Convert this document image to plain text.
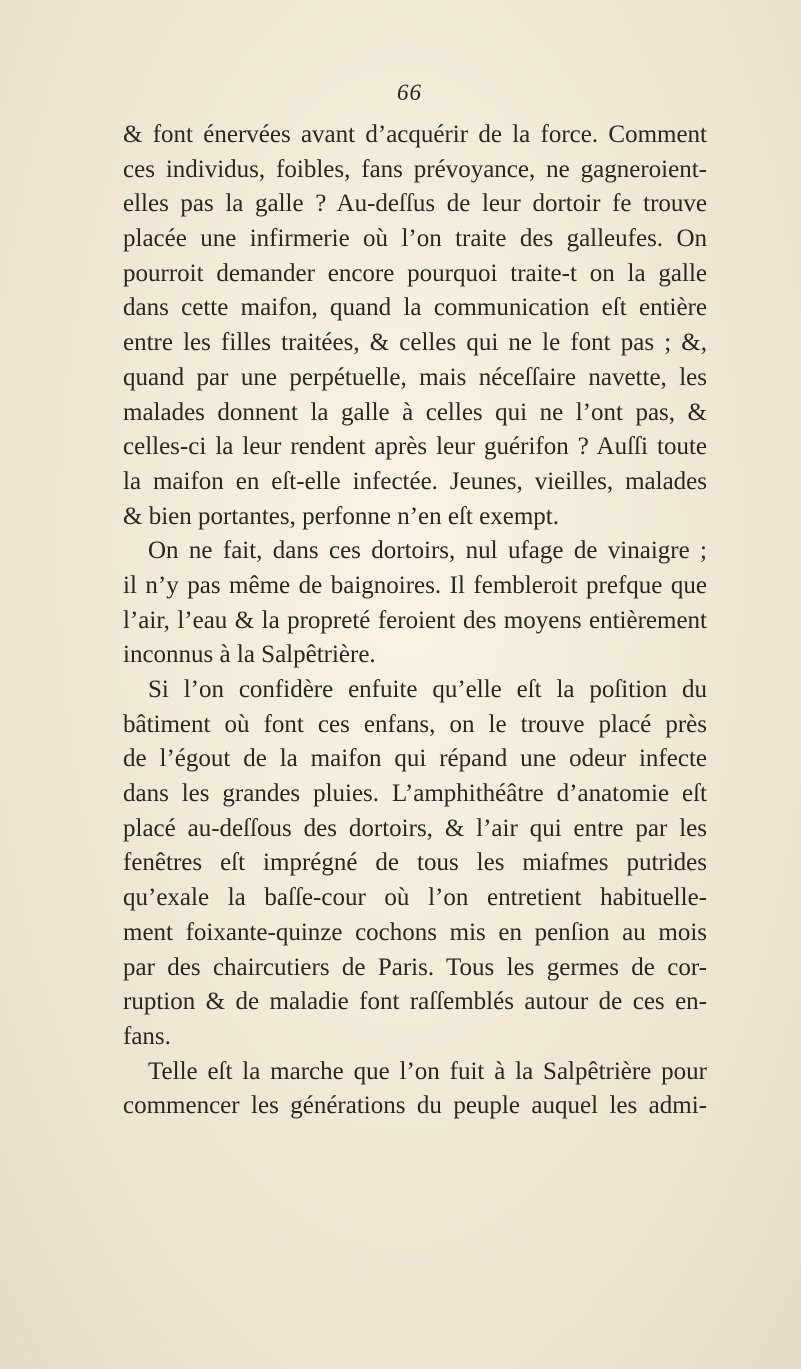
66
& font énervées avant d’acquérir de la force. Comment
ces individus, foibles, fans prévoyance, ne gagneroient-
elles pas la galle ? Au-deſſus de leur dortoir fe trouve
placée une infirmerie où l’on traite des galleufes. On
pourroit demander encore pourquoi traite-t on la galle
dans cette maifon, quand la communication eſt entière
entre les filles traitées, & celles qui ne le font pas ; &,
quand par une perpétuelle, mais néceſſaire navette, les
malades donnent la galle à celles qui ne l’ont pas, &
celles-ci la leur rendent après leur guérifon ? Auſſi toute
la maifon en eſt-elle infectée. Jeunes, vieilles, malades
& bien portantes, perfonne n’en eſt exempt.
On ne fait, dans ces dortoirs, nul ufage de vinaigre ;
il n’y pas même de baignoires. Il fembleroit prefque que
l’air, l’eau & la propreté feroient des moyens entièrement
inconnus à la Salpêtrière.
Si l’on confidère enfuite qu’elle eſt la poſition du
bâtiment où font ces enfans, on le trouve placé près
de l’égout de la maifon qui répand une odeur infecte
dans les grandes pluies. L’amphithéâtre d’anatomie eſt
placé au-deſſous des dortoirs, & l’air qui entre par les
fenêtres eſt imprégné de tous les miafmes putrides
qu’exale la baſſe-cour où l’on entretient habituelle-
ment foixante-quinze cochons mis en penſion au mois
par des chaircutiers de Paris. Tous les germes de cor-
ruption & de maladie font raſſemblés autour de ces en-
fans.
Telle eſt la marche que l’on fuit à la Salpêtrière pour
commencer les générations du peuple auquel les admi-
